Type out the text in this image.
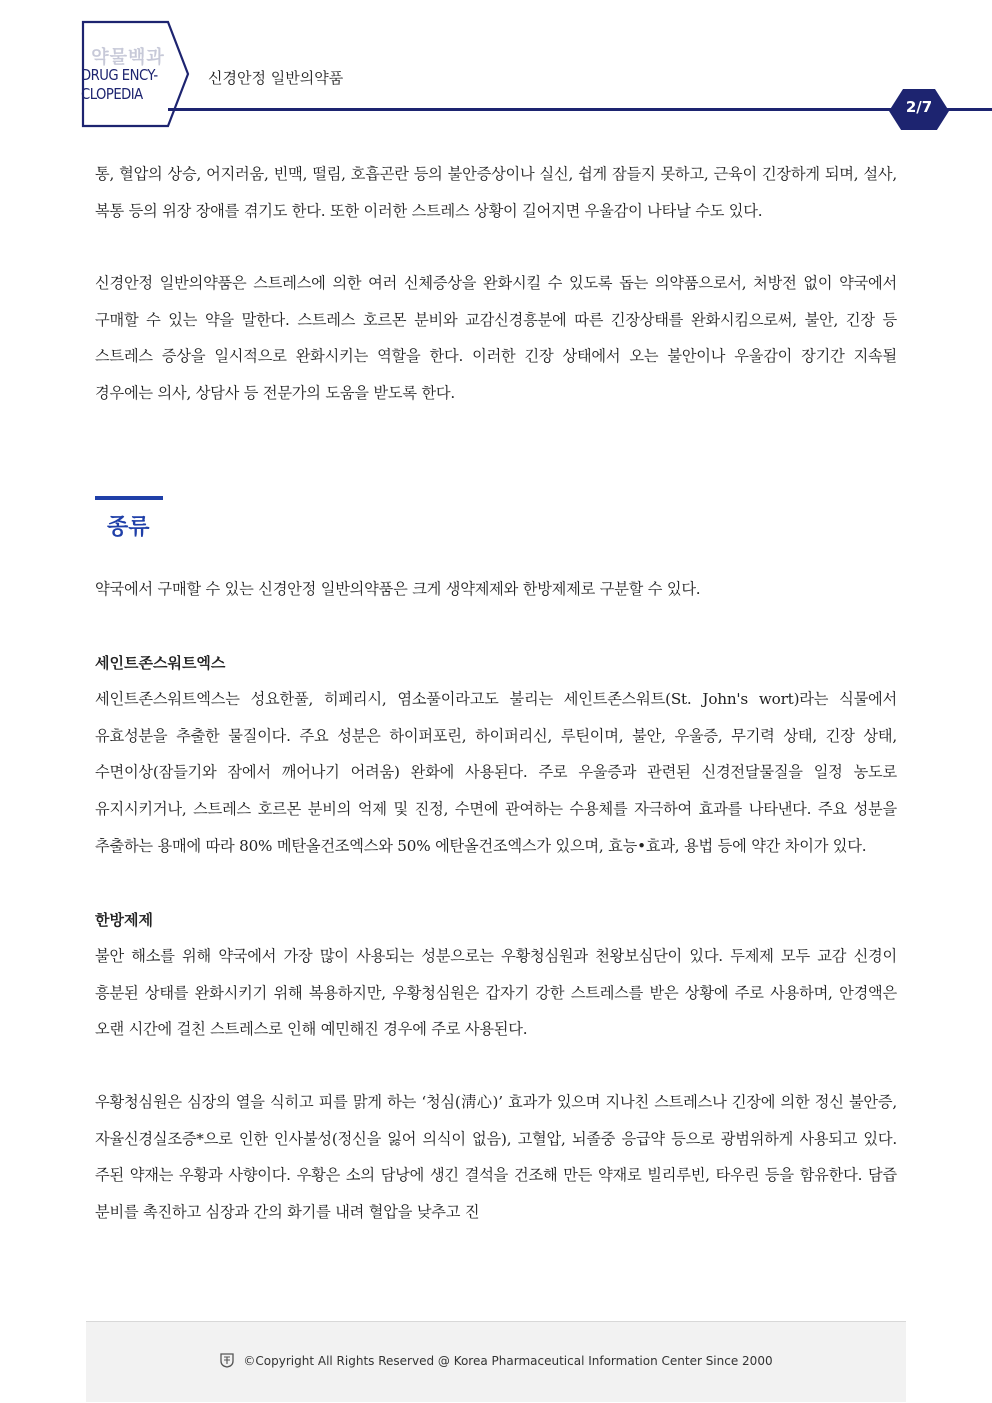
약물백과
DRUG ENCY-
CLOPEDIA
신경안정 일반의약품
2/7

통, 혈압의 상승, 어지러움, 빈맥, 떨림, 호흡곤란 등의 불안증상이나 실신, 쉽게 잠들지 못하고, 근육이 긴장하게 되며, 설사, 복통 등의 위장 장애를 겪기도 한다. 또한 이러한 스트레스 상황이 길어지면 우울감이 나타날 수도 있다.

신경안정 일반의약품은 스트레스에 의한 여러 신체증상을 완화시킬 수 있도록 돕는 의약품으로서, 처방전 없이 약국에서 구매할 수 있는 약을 말한다. 스트레스 호르몬 분비와 교감신경흥분에 따른 긴장상태를 완화시킴으로써, 불안, 긴장 등 스트레스 증상을 일시적으로 완화시키는 역할을 한다. 이러한 긴장 상태에서 오는 불안이나 우울감이 장기간 지속될 경우에는 의사, 상담사 등 전문가의 도움을 받도록 한다.

종류

약국에서 구매할 수 있는 신경안정 일반의약품은 크게 생약제제와 한방제제로 구분할 수 있다.

세인트존스워트엑스

세인트존스워트엑스는 성요한풀, 히페리시, 염소풀이라고도 불리는 세인트존스워트(St. John's wort)라는 식물에서 유효성분을 추출한 물질이다. 주요 성분은 하이퍼포린, 하이퍼리신, 루틴이며, 불안, 우울증, 무기력 상태, 긴장 상태, 수면이상(잠들기와 잠에서 깨어나기 어려움) 완화에 사용된다. 주로 우울증과 관련된 신경전달물질을 일정 농도로 유지시키거나, 스트레스 호르몬 분비의 억제 및 진정, 수면에 관여하는 수용체를 자극하여 효과를 나타낸다. 주요 성분을 추출하는 용매에 따라 80% 메탄올건조엑스와 50% 에탄올건조엑스가 있으며, 효능•효과, 용법 등에 약간 차이가 있다.

한방제제

불안 해소를 위해 약국에서 가장 많이 사용되는 성분으로는 우황청심원과 천왕보심단이 있다. 두제제 모두 교감 신경이 흥분된 상태를 완화시키기 위해 복용하지만, 우황청심원은 갑자기 강한 스트레스를 받은 상황에 주로 사용하며, 안경액은 오랜 시간에 걸친 스트레스로 인해 예민해진 경우에 주로 사용된다.

우황청심원은 심장의 열을 식히고 피를 맑게 하는 ‘청심(淸心)’ 효과가 있으며 지나친 스트레스나 긴장에 의한 정신 불안증, 자율신경실조증*으로 인한 인사불성(정신을 잃어 의식이 없음), 고혈압, 뇌졸중 응급약 등으로 광범위하게 사용되고 있다. 주된 약재는 우황과 사향이다. 우황은 소의 담낭에 생긴 결석을 건조해 만든 약재로 빌리루빈, 타우린 등을 함유한다. 담즙 분비를 촉진하고 심장과 간의 화기를 내려 혈압을 낮추고 진

©Copyright All Rights Reserved @ Korea Pharmaceutical Information Center Since 2000
